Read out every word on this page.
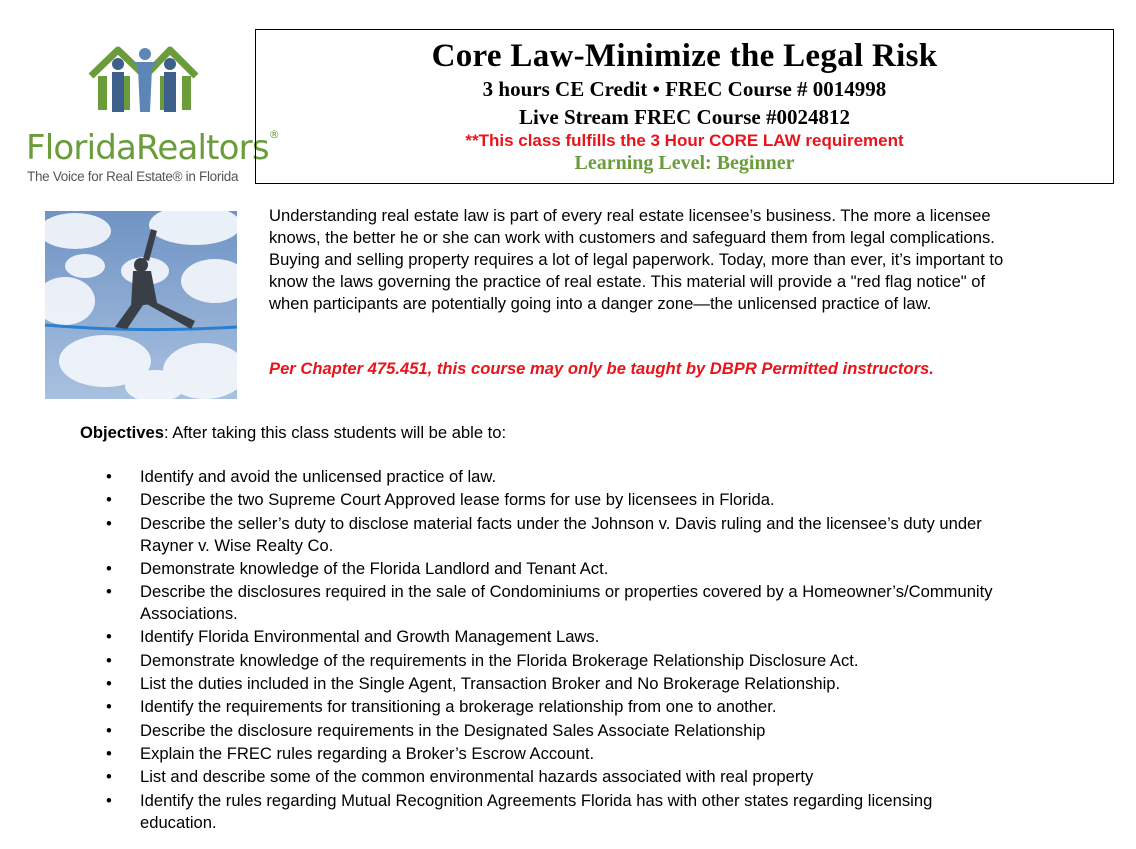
FloridaRealtors®
The Voice for Real Estate® in Florida
Core Law-Minimize the Legal Risk
3 hours CE Credit • FREC Course # 0014998
Live Stream FREC Course #0024812
**This class fulfills the 3 Hour CORE LAW requirement
Learning Level: Beginner
Understanding real estate law is part of every real estate licensee’s business. The more a licensee knows, the better he or she can work with customers and safeguard them from legal complications. Buying and selling property requires a lot of legal paperwork. Today, more than ever, it’s important to know the laws governing the practice of real estate. This material will provide a "red flag notice" of when participants are potentially going into a danger zone—the unlicensed practice of law.
Per Chapter 475.451, this course may only be taught by DBPR Permitted instructors.
Objectives: After taking this class students will be able to:
• Identify and avoid the unlicensed practice of law.
• Describe the two Supreme Court Approved lease forms for use by licensees in Florida.
• Describe the seller’s duty to disclose material facts under the Johnson v. Davis ruling and the licensee’s duty under Rayner v. Wise Realty Co.
• Demonstrate knowledge of the Florida Landlord and Tenant Act.
• Describe the disclosures required in the sale of Condominiums or properties covered by a Homeowner’s/Community Associations.
• Identify Florida Environmental and Growth Management Laws.
• Demonstrate knowledge of the requirements in the Florida Brokerage Relationship Disclosure Act.
• List the duties included in the Single Agent, Transaction Broker and No Brokerage Relationship.
• Identify the requirements for transitioning a brokerage relationship from one to another.
• Describe the disclosure requirements in the Designated Sales Associate Relationship
• Explain the FREC rules regarding a Broker’s Escrow Account.
• List and describe some of the common environmental hazards associated with real property
• Identify the rules regarding Mutual Recognition Agreements Florida has with other states regarding licensing education.
